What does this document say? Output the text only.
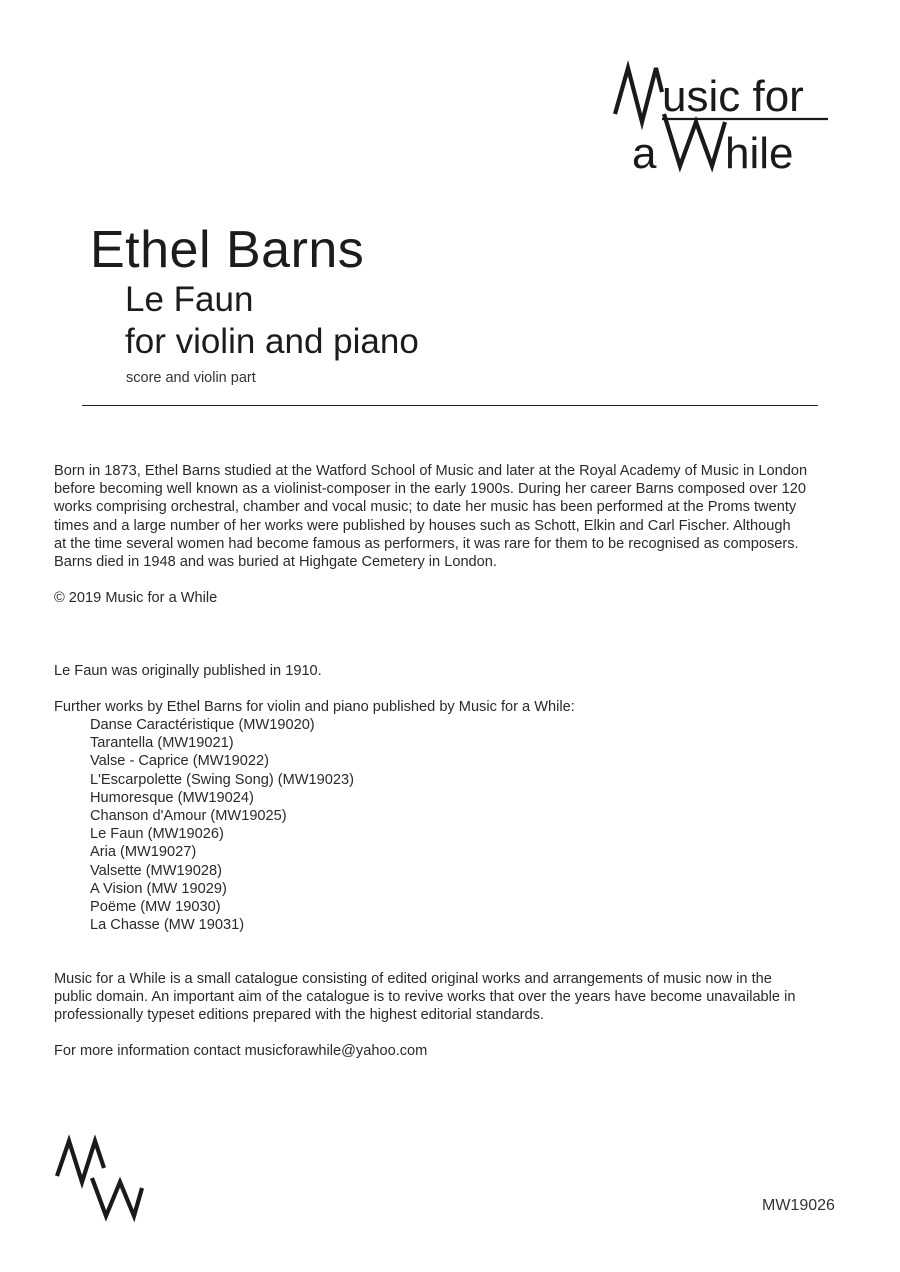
usic for
a hile
Ethel Barns
Le Faun
for violin and piano
score and violin part

Born in 1873, Ethel Barns studied at the Watford School of Music and later at the Royal Academy of Music in London

before becoming well known as a violinist-composer in the early 1900s. During her career Barns composed over 120

works comprising orchestral, chamber and vocal music; to date her music has been performed at the Proms twenty

times and a large number of her works were published by houses such as Schott, Elkin and Carl Fischer. Although

at the time several women had become famous as performers, it was rare for them to be recognised as composers.

Barns died in 1948 and was buried at Highgate Cemetery in London.

© 2019 Music for a While
Le Faun was originally published in 1910.
Further works by Ethel Barns for violin and piano published by Music for a While:
Danse Caractéristique (MW19020)
Tarantella (MW19021)
Valse - Caprice (MW19022)
L'Escarpolette (Swing Song) (MW19023)
Humoresque (MW19024)
Chanson d'Amour (MW19025)
Le Faun (MW19026)
Aria (MW19027)
Valsette (MW19028)
A Vision (MW 19029)
Poëme (MW 19030)
La Chasse (MW 19031)

Music for a While is a small catalogue consisting of edited original works and arrangements of music now in the

public domain. An important aim of the catalogue is to revive works that over the years have become unavailable in

professionally typeset editions prepared with the highest editorial standards.

For more information contact musicforawhile@yahoo.com
MW19026
